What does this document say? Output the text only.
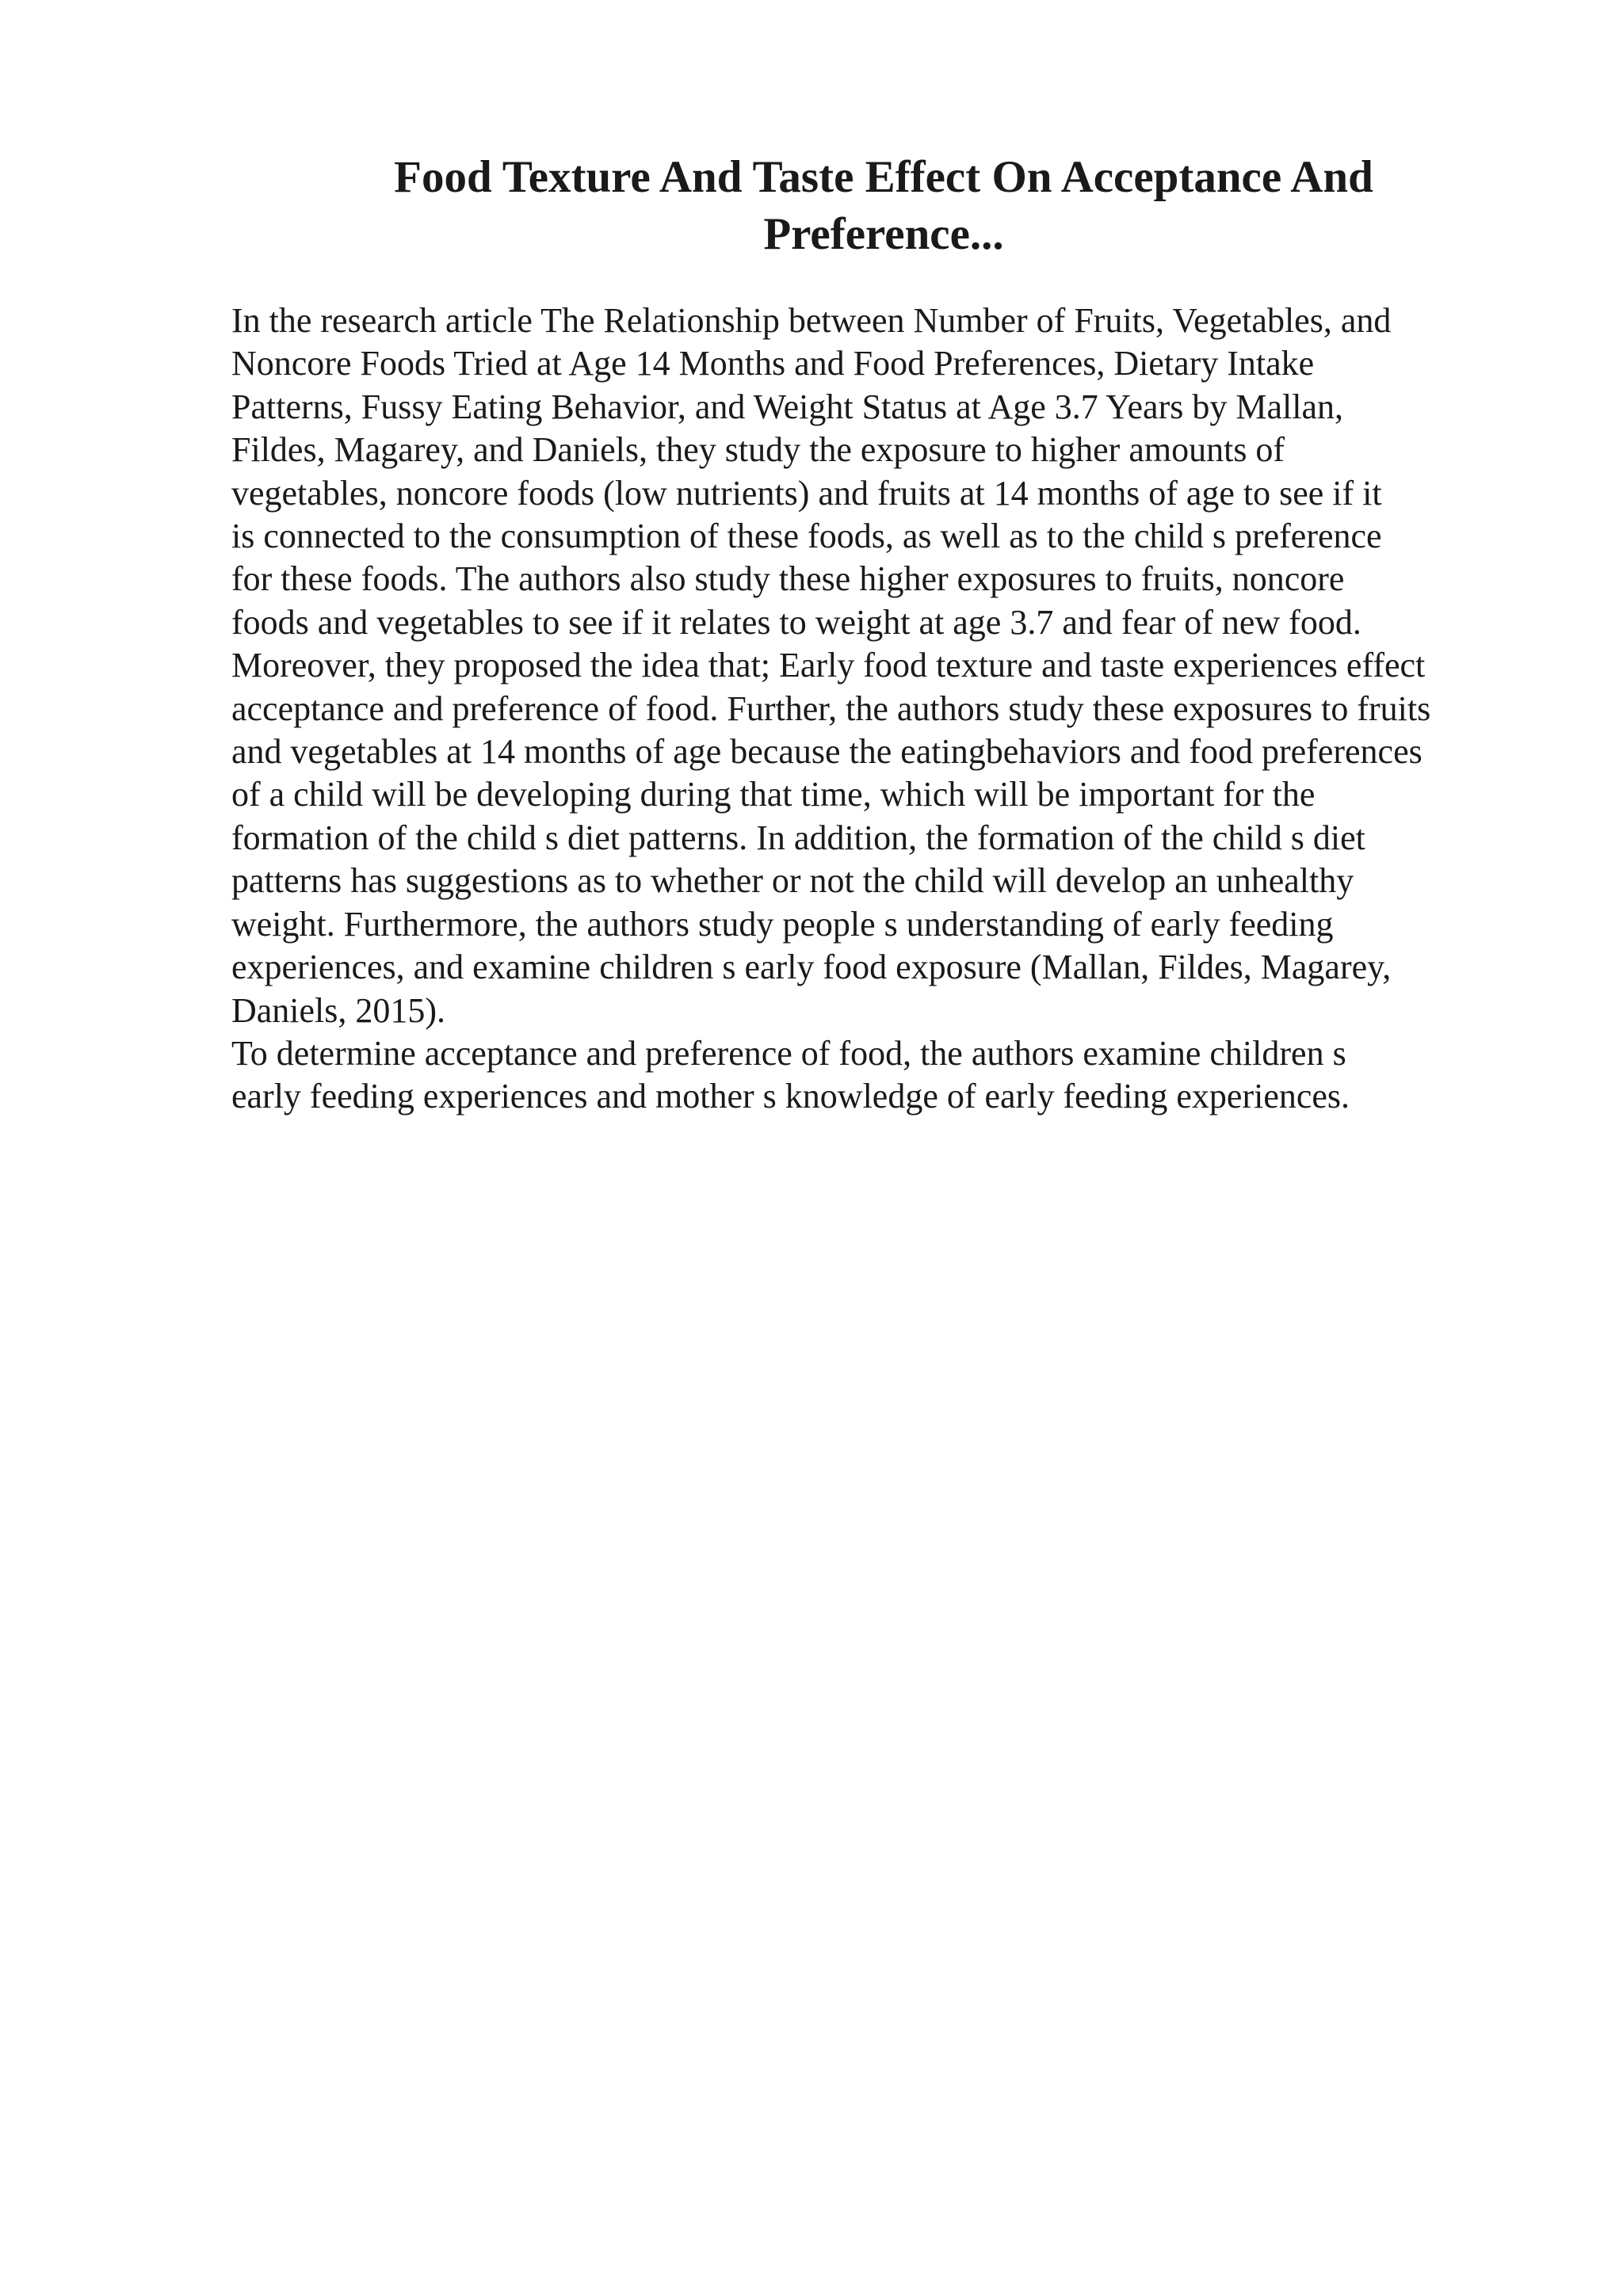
Food Texture And Taste Effect On Acceptance And
Preference...
In the research article The Relationship between Number of Fruits, Vegetables, and
Noncore Foods Tried at Age 14 Months and Food Preferences, Dietary Intake
Patterns, Fussy Eating Behavior, and Weight Status at Age 3.7 Years by Mallan,
Fildes, Magarey, and Daniels, they study the exposure to higher amounts of
vegetables, noncore foods (low nutrients) and fruits at 14 months of age to see if it
is connected to the consumption of these foods, as well as to the child s preference
for these foods. The authors also study these higher exposures to fruits, noncore
foods and vegetables to see if it relates to weight at age 3.7 and fear of new food.
Moreover, they proposed the idea that; Early food texture and taste experiences effect
acceptance and preference of food. Further, the authors study these exposures to fruits
and vegetables at 14 months of age because the eatingbehaviors and food preferences
of a child will be developing during that time, which will be important for the
formation of the child s diet patterns. In addition, the formation of the child s diet
patterns has suggestions as to whether or not the child will develop an unhealthy
weight. Furthermore, the authors study people s understanding of early feeding
experiences, and examine children s early food exposure (Mallan, Fildes, Magarey,
Daniels, 2015).
To determine acceptance and preference of food, the authors examine children s
early feeding experiences and mother s knowledge of early feeding experiences.
